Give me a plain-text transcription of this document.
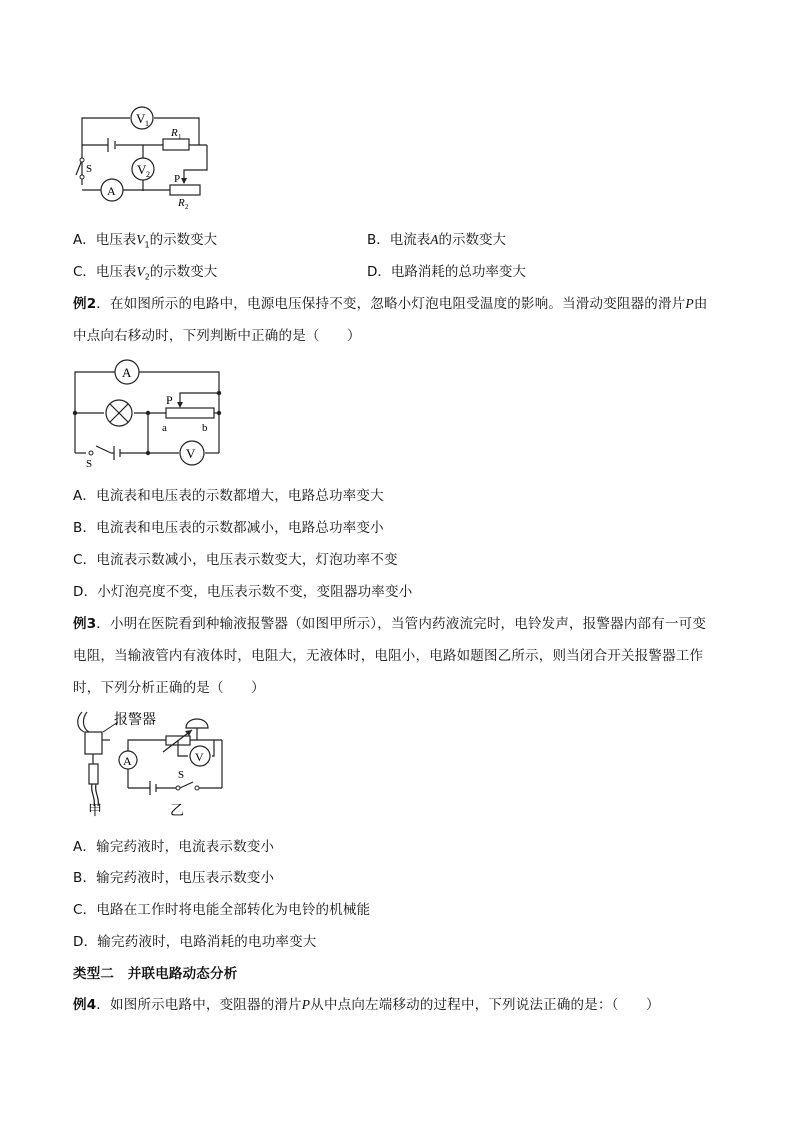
V 1
V 2
A
R 1
S
P
R 2
A．电压表$V_1$的示数变大	B．电流表A的示数变大
C．电压表$V_2$的示数变大	D．电路消耗的总功率变大
例2．在如图所示的电路中，电源电压保持不变，忽略小灯泡电阻受温度的影响。当滑动变阻器的滑片P由
中点向右移动时，下列判断中正确的是（　　）
A
V
P
a	b
S
A．电流表和电压表的示数都增大，电路总功率变大
B．电流表和电压表的示数都减小，电路总功率变小
C．电流表示数减小，电压表示数变大，灯泡功率不变
D．小灯泡亮度不变，电压表示数不变，变阻器功率变小
例3．小明在医院看到种输液报警器（如图甲所示），当管内药液流完时，电铃发声，报警器内部有一可变
电阻，当输液管内有液体时，电阻大，无液体时，电阻小，电路如题图乙所示，则当闭合开关报警器工作
时，下列分析正确的是（　　）
报警器
甲
A	V
S
乙
A．输完药液时，电流表示数变小
B．输完药液时，电压表示数变小
C．电路在工作时将电能全部转化为电铃的机械能
D．输完药液时，电路消耗的电功率变大
类型二　并联电路动态分析
例4．如图所示电路中，变阻器的滑片P从中点向左端移动的过程中，下列说法正确的是：（　　）
